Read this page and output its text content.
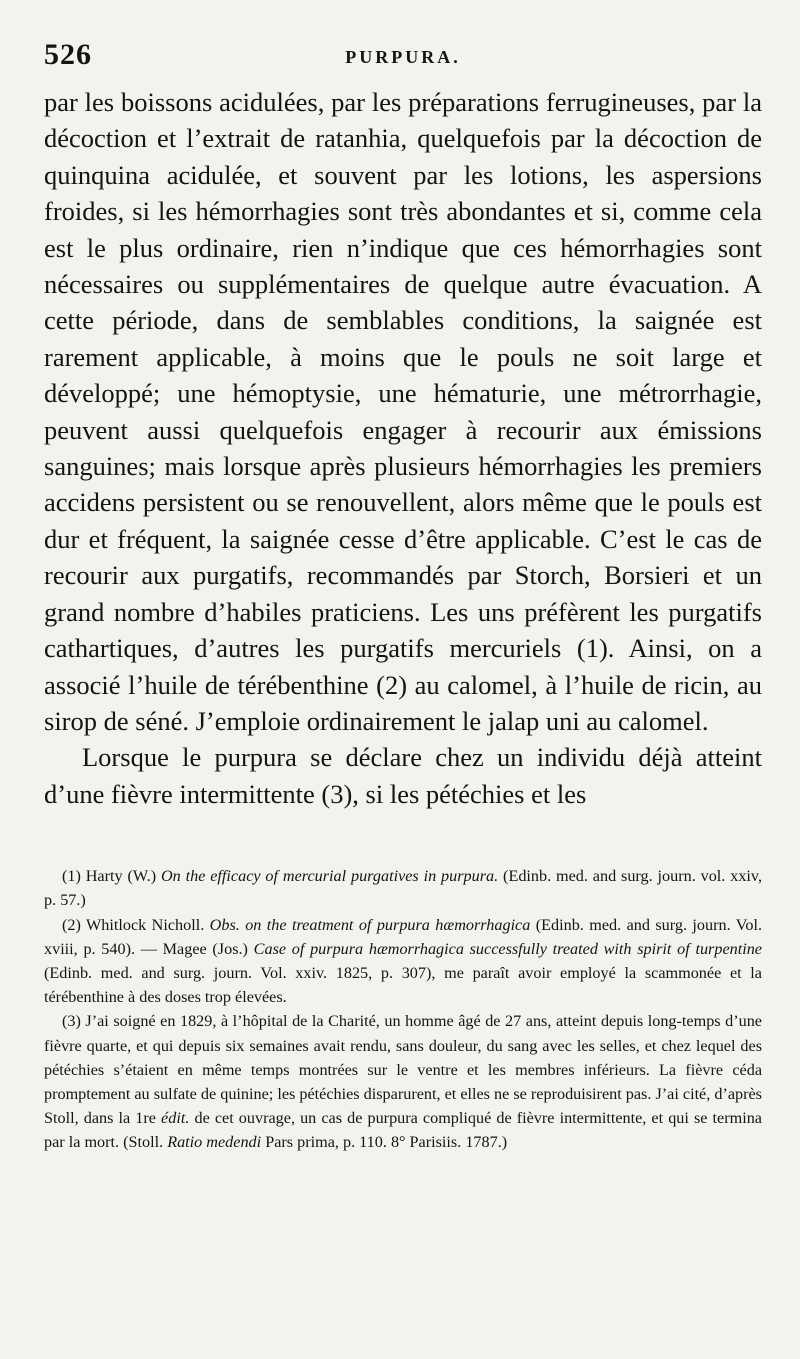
526	PURPURA.

par les boissons acidulées, par les préparations ferrugineuses, par la décoction et l’extrait de ratanhia, quelquefois par la décoction de quinquina acidulée, et souvent par les lotions, les aspersions froides, si les hémorrhagies sont très abondantes et si, comme cela est le plus ordinaire, rien n’indique que ces hémorrhagies sont nécessaires ou supplémentaires de quelque autre évacuation. A cette période, dans de semblables conditions, la saignée est rarement applicable, à moins que le pouls ne soit large et développé; une hémoptysie, une hématurie, une métrorrhagie, peuvent aussi quelquefois engager à recourir aux émissions sanguines; mais lorsque après plusieurs hémorrhagies les premiers accidens persistent ou se renouvellent, alors même que le pouls est dur et fréquent, la saignée cesse d’être applicable. C’est le cas de recourir aux purgatifs, recommandés par Storch, Borsieri et un grand nombre d’habiles praticiens. Les uns préfèrent les purgatifs cathartiques, d’autres les purgatifs mercuriels (1). Ainsi, on a associé l’huile de térébenthine (2) au calomel, à l’huile de ricin, au sirop de séné. J’emploie ordinairement le jalap uni au calomel.

Lorsque le purpura se déclare chez un individu déjà atteint d’une fièvre intermittente (3), si les pétéchies et les

(1) Harty (W.) On the efficacy of mercurial purgatives in purpura. (Edinb. med. and surg. journ. vol. xxiv, p. 57.)

(2) Whitlock Nicholl. Obs. on the treatment of purpura hæmorrhagica (Edinb. med. and surg. journ. Vol. xviii, p. 540). — Magee (Jos.) Case of purpura hæmorrhagica successfully treated with spirit of turpentine (Edinb. med. and surg. journ. Vol. xxiv. 1825, p. 307), me paraît avoir employé la scammonée et la térébenthine à des doses trop élevées.

(3) J’ai soigné en 1829, à l’hôpital de la Charité, un homme âgé de 27 ans, atteint depuis long-temps d’une fièvre quarte, et qui depuis six semaines avait rendu, sans douleur, du sang avec les selles, et chez lequel des pétéchies s’étaient en même temps montrées sur le ventre et les membres inférieurs. La fièvre céda promptement au sulfate de quinine; les pétéchies disparurent, et elles ne se reproduisirent pas. J’ai cité, d’après Stoll, dans la 1re édit. de cet ouvrage, un cas de purpura compliqué de fièvre intermittente, et qui se termina par la mort. (Stoll. Ratio medendi Pars prima, p. 110. 8° Parisiis. 1787.)
